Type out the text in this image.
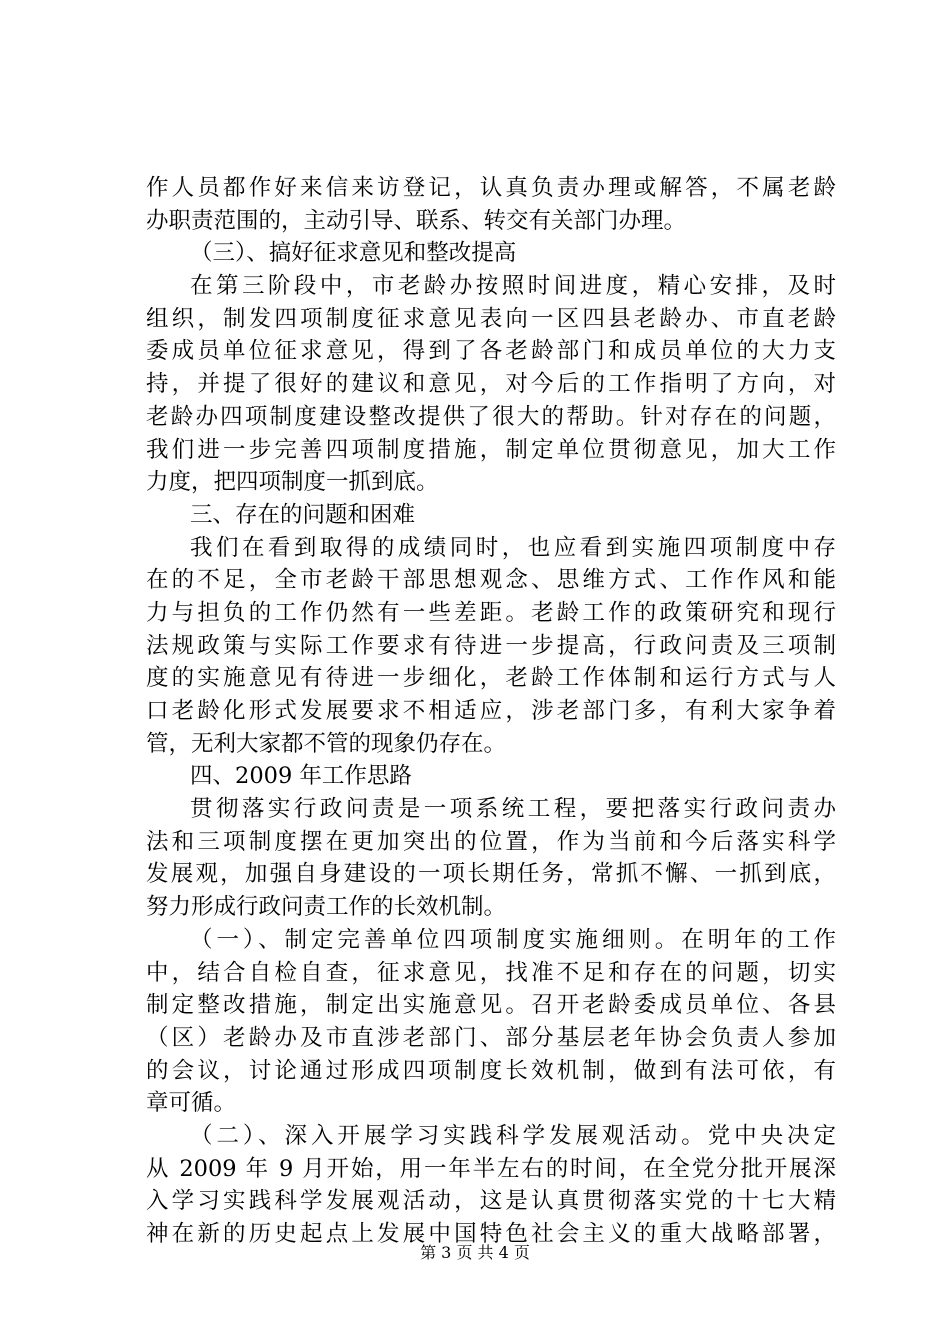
作人员都作好来信来访登记，认真负责办理或解答，不属老龄
办职责范围的，主动引导、联系、转交有关部门办理。
（三）、搞好征求意见和整改提高
在第三阶段中，市老龄办按照时间进度，精心安排，及时
组织，制发四项制度征求意见表向一区四县老龄办、市直老龄
委成员单位征求意见，得到了各老龄部门和成员单位的大力支
持，并提了很好的建议和意见，对今后的工作指明了方向，对
老龄办四项制度建设整改提供了很大的帮助。针对存在的问题，
我们进一步完善四项制度措施，制定单位贯彻意见，加大工作
力度，把四项制度一抓到底。
三、存在的问题和困难
我们在看到取得的成绩同时，也应看到实施四项制度中存
在的不足，全市老龄干部思想观念、思维方式、工作作风和能
力与担负的工作仍然有一些差距。老龄工作的政策研究和现行
法规政策与实际工作要求有待进一步提高，行政问责及三项制
度的实施意见有待进一步细化，老龄工作体制和运行方式与人
口老龄化形式发展要求不相适应，涉老部门多，有利大家争着
管，无利大家都不管的现象仍存在。
四、2009 年工作思路
贯彻落实行政问责是一项系统工程，要把落实行政问责办
法和三项制度摆在更加突出的位置，作为当前和今后落实科学
发展观，加强自身建设的一项长期任务，常抓不懈、一抓到底，
努力形成行政问责工作的长效机制。
（一）、制定完善单位四项制度实施细则。在明年的工作
中，结合自检自查，征求意见，找准不足和存在的问题，切实
制定整改措施，制定出实施意见。召开老龄委成员单位、各县
（区）老龄办及市直涉老部门、部分基层老年协会负责人参加
的会议，讨论通过形成四项制度长效机制，做到有法可依，有
章可循。
（二）、深入开展学习实践科学发展观活动。党中央决定
从 2009 年 9 月开始，用一年半左右的时间，在全党分批开展深
入学习实践科学发展观活动，这是认真贯彻落实党的十七大精
神在新的历史起点上发展中国特色社会主义的重大战略部署，
第 3 页 共 4 页
